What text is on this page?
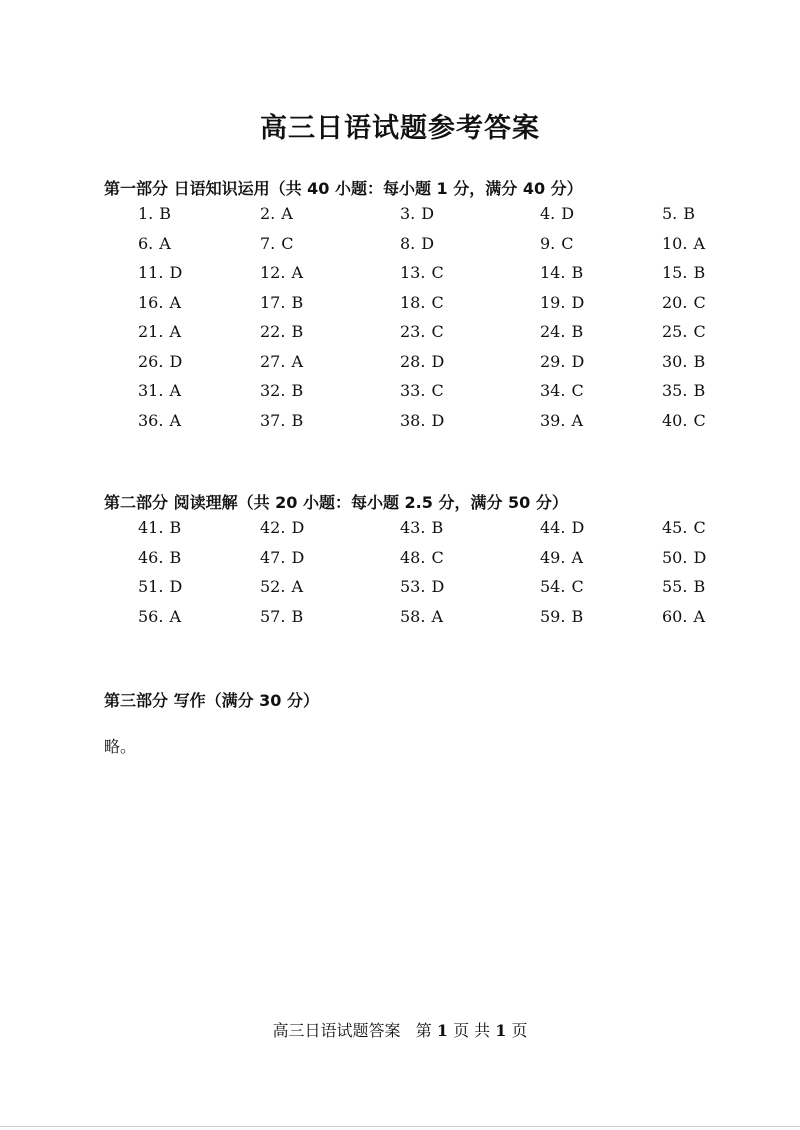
高三日语试题参考答案
第一部分 日语知识运用（共 40 小题：每小题 1 分，满分 40 分）
1. B	2. A	3. D	4. D	5. B
6. A	7. C	8. D	9. C	10. A
11. D	12. A	13. C	14. B	15. B
16. A	17. B	18. C	19. D	20. C
21. A	22. B	23. C	24. B	25. C
26. D	27. A	28. D	29. D	30. B
31. A	32. B	33. C	34. C	35. B
36. A	37. B	38. D	39. A	40. C
第二部分 阅读理解（共 20 小题：每小题 2.5 分，满分 50 分）
41. B	42. D	43. B	44. D	45. C
46. B	47. D	48. C	49. A	50. D
51. D	52. A	53. D	54. C	55. B
56. A	57. B	58. A	59. B	60. A
第三部分 写作（满分 30 分）
略。
高三日语试题答案 第 1 页 共 1 页
